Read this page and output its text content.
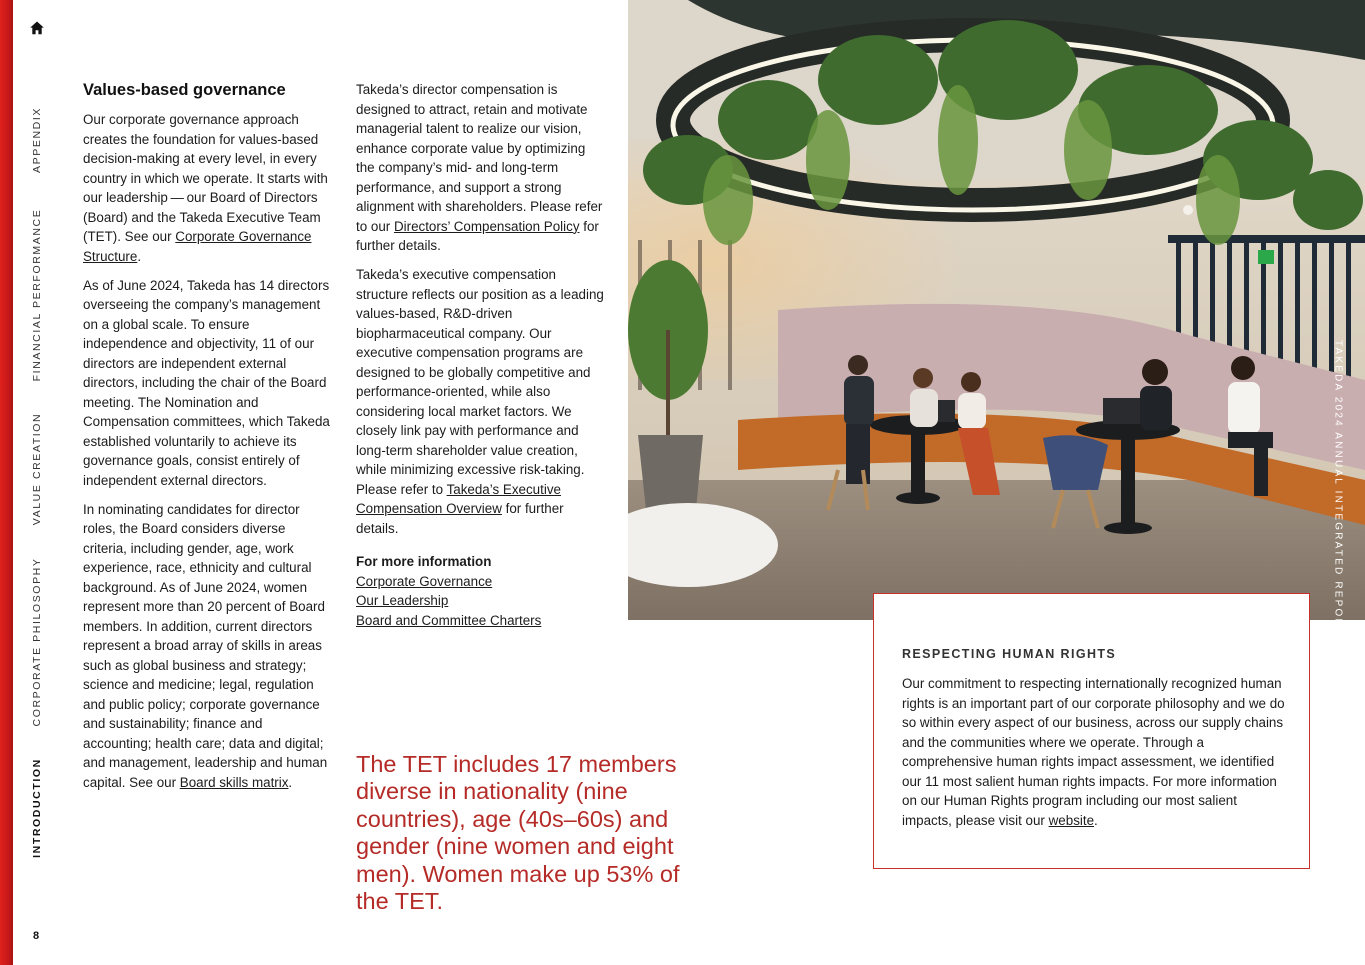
APPENDIX
FINANCIAL PERFORMANCE
VALUE CREATION
CORPORATE PHILOSOPHY
INTRODUCTION
8
Values-based governance

Our corporate governance approach creates the foundation for values-based decision-making at every level, in every country in which we operate. It starts with our leadership — our Board of Directors (Board) and the Takeda Executive Team (TET). See our Corporate Governance Structure.

As of June 2024, Takeda has 14 directors overseeing the company’s management on a global scale. To ensure independence and objectivity, 11 of our directors are independent external directors, including the chair of the Board meeting. The Nomination and Compensation committees, which Takeda established voluntarily to achieve its governance goals, consist entirely of independent external directors.

In nominating candidates for director roles, the Board considers diverse criteria, including gender, age, work experience, race, ethnicity and cultural background. As of June 2024, women represent more than 20 percent of Board members. In addition, current directors represent a broad array of skills in areas such as global business and strategy; science and medicine; legal, regulation and public policy; corporate governance and sustainability; finance and accounting; health care; data and digital; and management, leadership and human capital. See our Board skills matrix.

Takeda’s director compensation is designed to attract, retain and motivate managerial talent to realize our vision, enhance corporate value by optimizing the company’s mid- and long-term performance, and support a strong alignment with shareholders. Please refer to our Directors’ Compensation Policy for further details.

Takeda’s executive compensation structure reflects our position as a leading values-based, R&D-driven biopharmaceutical company. Our executive compensation programs are designed to be globally competitive and performance-oriented, while also considering local market factors. We closely link pay with performance and long-term shareholder value creation, while minimizing excessive risk-taking. Please refer to Takeda’s Executive Compensation Overview for further details.

For more information
Corporate Governance
Our Leadership
Board and Committee Charters
The TET includes 17 members diverse in nationality (nine countries), age (40s–60s) and gender (nine women and eight men). Women make up 53% of the TET.
TAKEDA 2024 ANNUAL INTEGRATED REPORT
RESPECTING HUMAN RIGHTS
Our commitment to respecting internationally recognized human rights is an important part of our corporate philosophy and we do so within every aspect of our business, across our supply chains and the communities where we operate. Through a comprehensive human rights impact assessment, we identified our 11 most salient human rights impacts. For more information on our Human Rights program including our most salient impacts, please visit our website.
